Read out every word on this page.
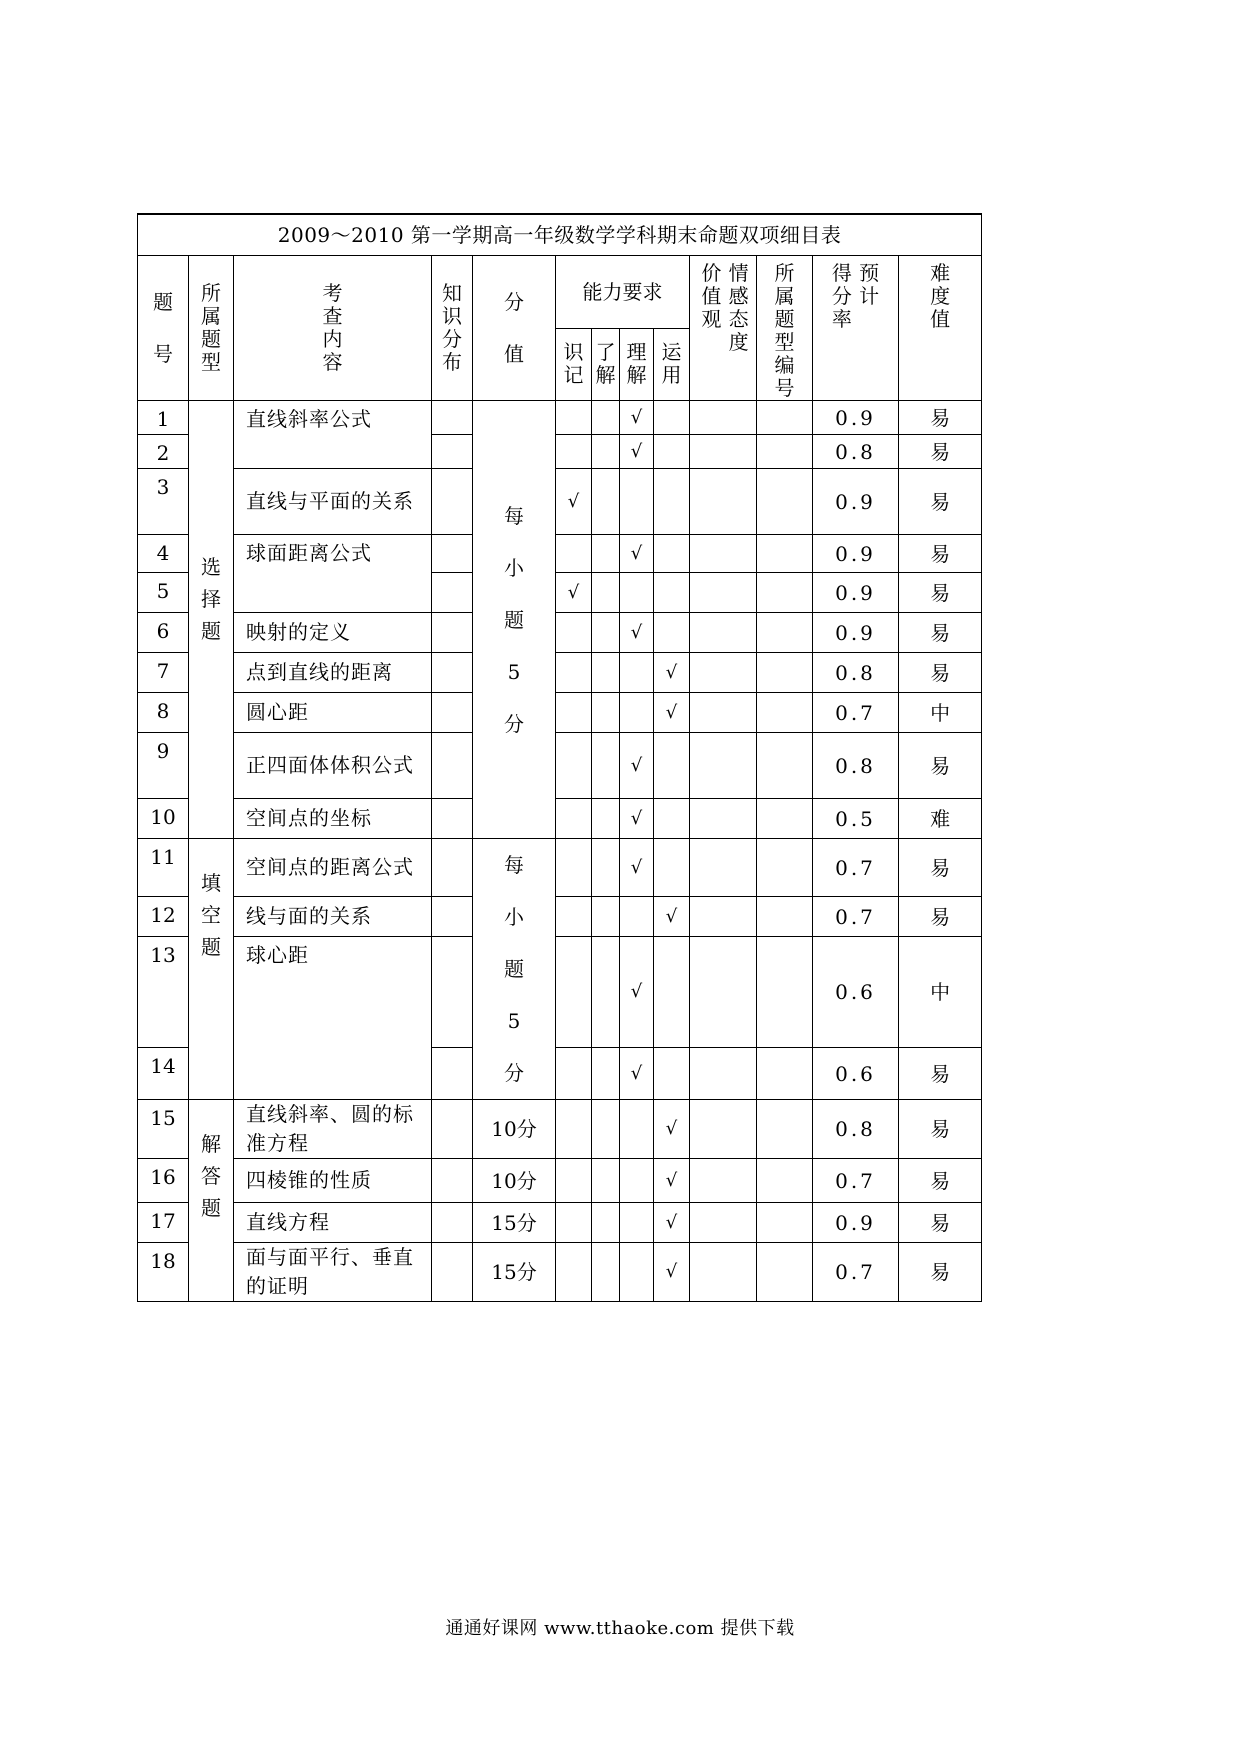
2009～2010 第一学期高一年级数学学科期末命题双项细目表												
题号	所属题型	考查内容	知识分布	分值	能力要求				价值观 情感态度	所属题型编号	得分率 预计	难度值
					识记	了解	理解	运用				
1	选择题	直线斜率公式		每小题5分			√				0.9	易
2							√				0.8	易
3		直线与平面的关系			√						0.9	易
4		球面距离公式					√				0.9	易
5					√						0.9	易
6		映射的定义					√				0.9	易
7		点到直线的距离						√			0.8	易
8		圆心距						√			0.7	中
9		正四面体体积公式					√				0.8	易
10		空间点的坐标					√				0.5	难
11	填空题	空间点的距离公式		每小题5分			√				0.7	易
12		线与面的关系						√			0.7	易
13		球心距					√				0.6	中
14							√				0.6	易
15	解答题	直线斜率、圆的标准方程		10分				√			0.8	易
16		四棱锥的性质		10分				√			0.7	易
17		直线方程		15分				√			0.9	易
18		面与面平行、垂直的证明		15分				√			0.7	易
通通好课网 www.tthaoke.com 提供下载
